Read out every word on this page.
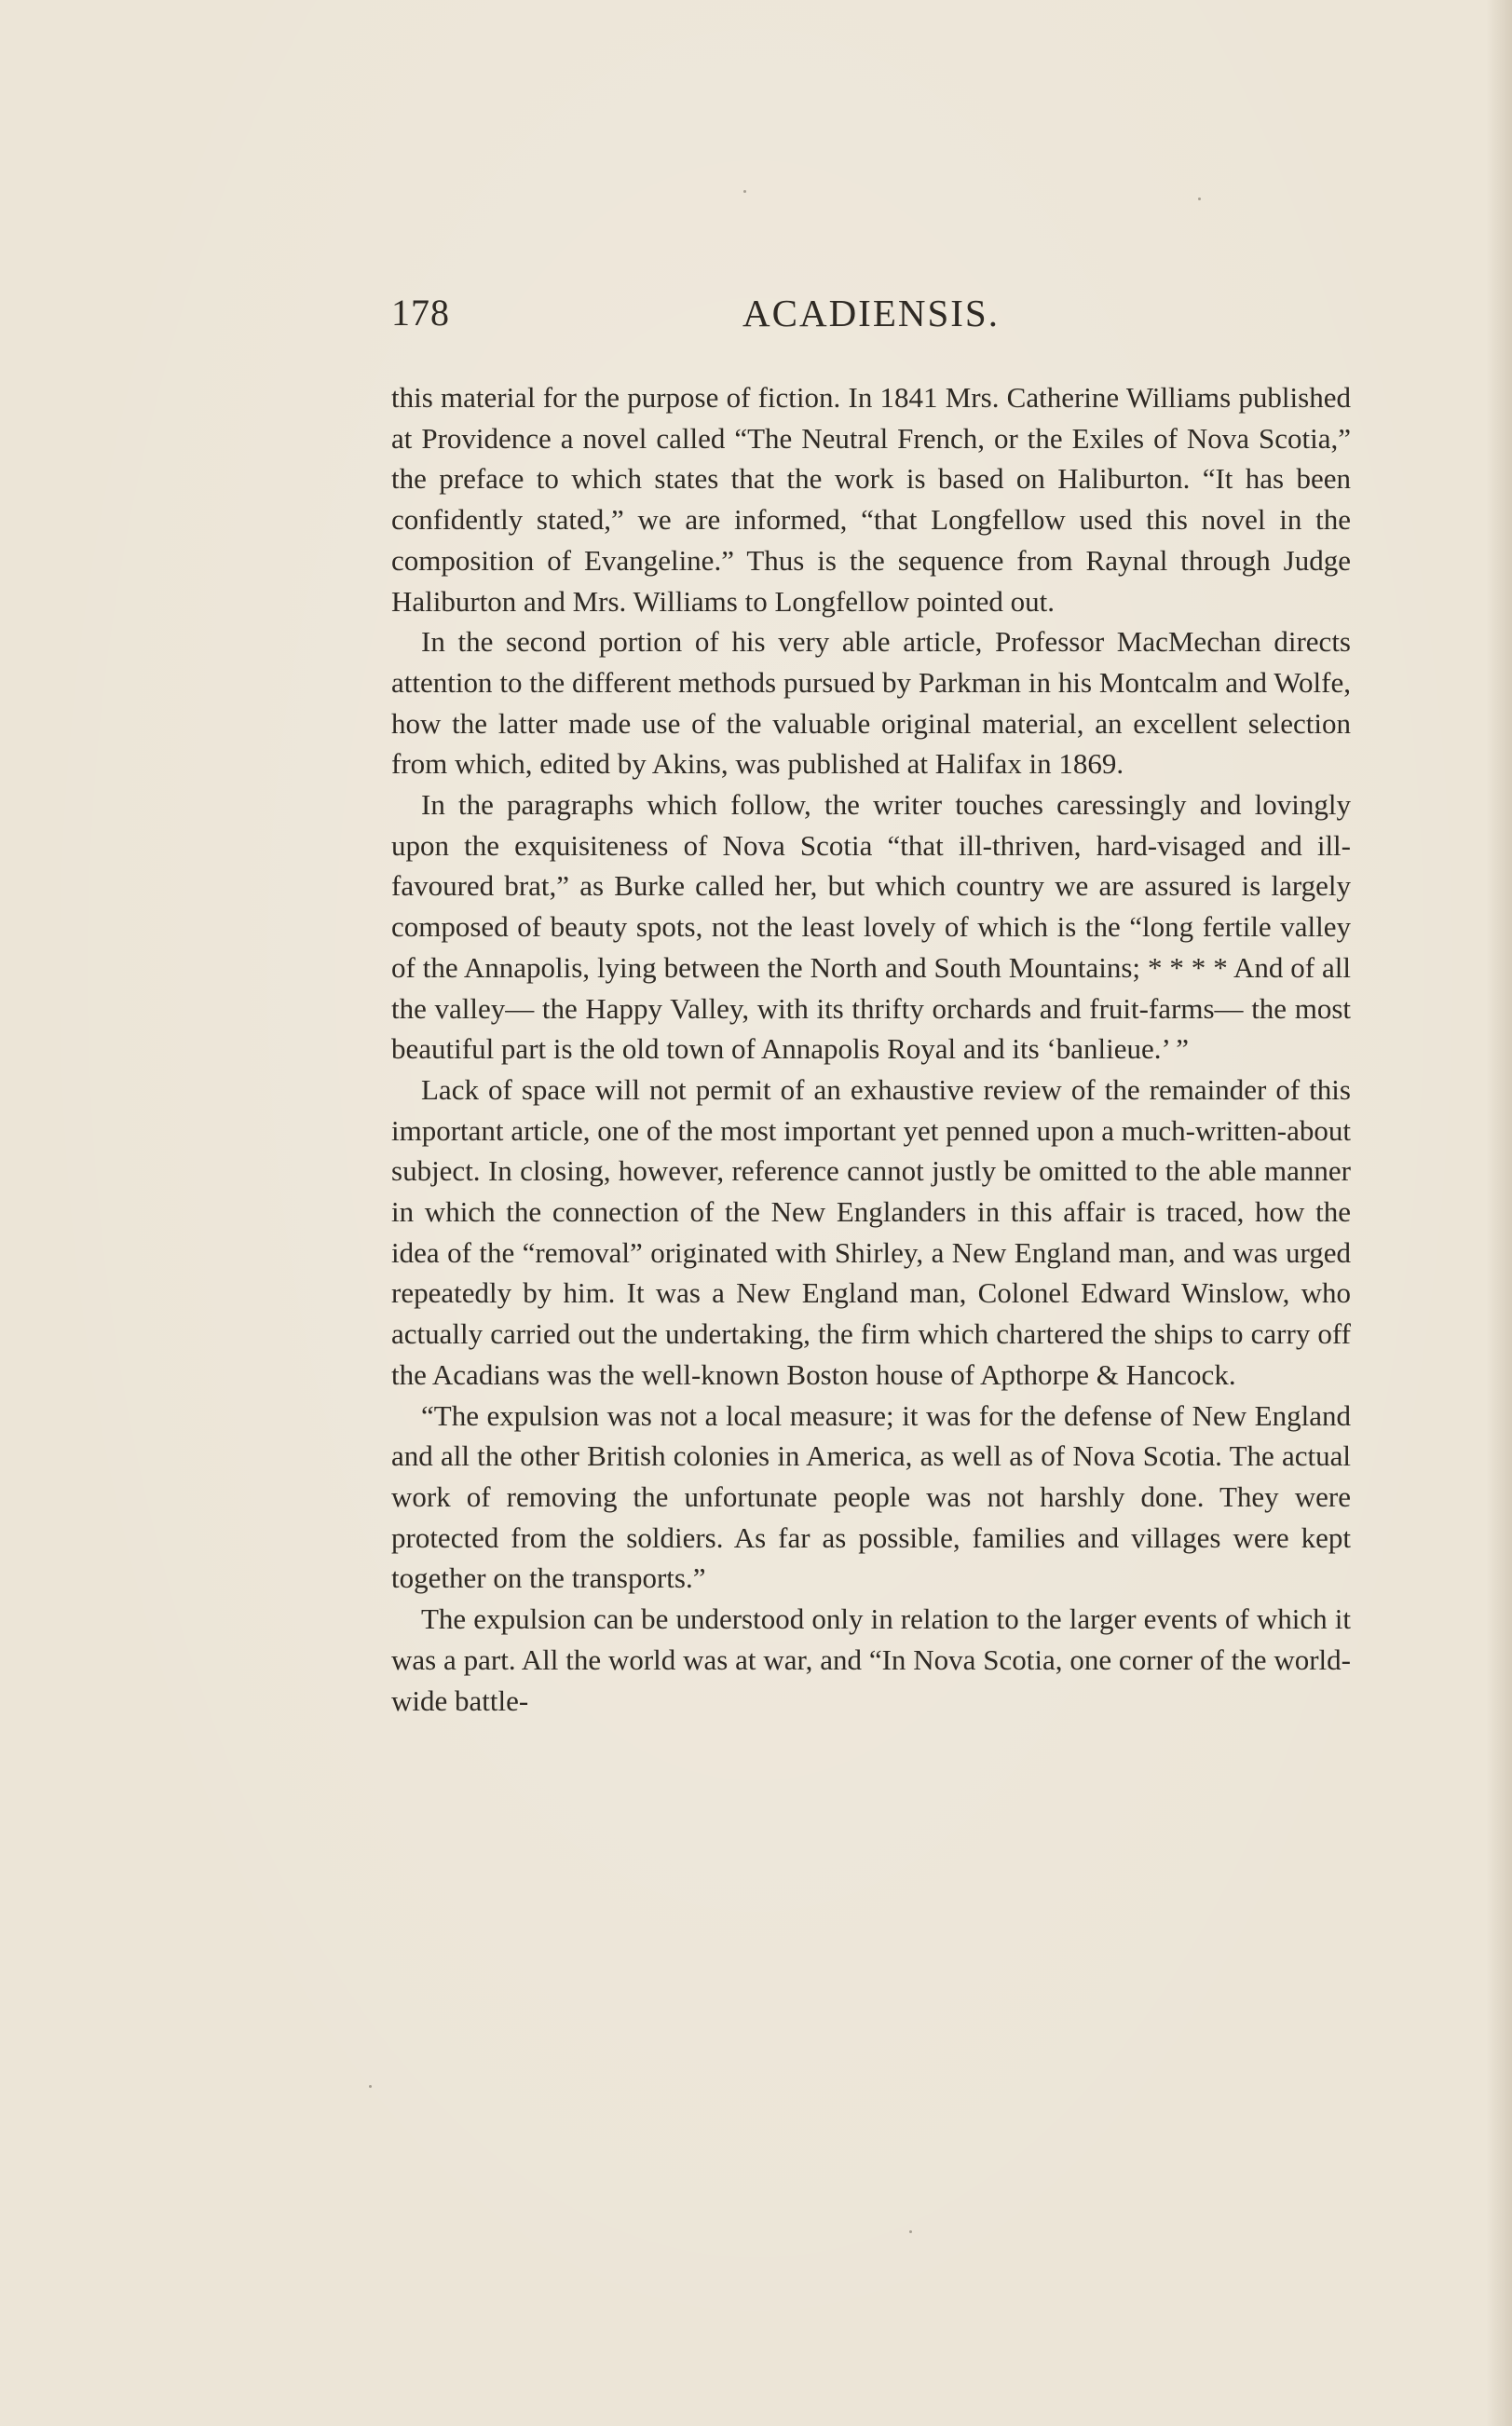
ACADIENSIS.
178

this material for the purpose of fiction. In 1841 Mrs. Catherine Williams published at Providence a novel called “The Neutral French, or the Exiles of Nova Scotia,” the preface to which states that the work is based on Haliburton. “It has been confidently stated,” we are informed, “that Longfellow used this novel in the composition of Evangeline.” Thus is the sequence from Raynal through Judge Haliburton and Mrs. Williams to Longfellow pointed out.

In the second portion of his very able article, Professor MacMechan directs attention to the different methods pursued by Parkman in his Montcalm and Wolfe, how the latter made use of the valuable original material, an excellent selection from which, edited by Akins, was published at Halifax in 1869.

In the paragraphs which follow, the writer touches caressingly and lovingly upon the exquisiteness of Nova Scotia “that ill-thriven, hard-visaged and ill-favoured brat,” as Burke called her, but which country we are assured is largely composed of beauty spots, not the least lovely of which is the “long fertile valley of the Annapolis, lying between the North and South Mountains; * * * * And of all the valley— the Happy Valley, with its thrifty orchards and fruit-farms— the most beautiful part is the old town of Annapolis Royal and its ‘banlieue.’ ”

Lack of space will not permit of an exhaustive review of the remainder of this important article, one of the most important yet penned upon a much-written-about subject. In closing, however, reference cannot justly be omitted to the able manner in which the connection of the New Englanders in this affair is traced, how the idea of the “removal” originated with Shirley, a New England man, and was urged repeatedly by him. It was a New England man, Colonel Edward Winslow, who actually carried out the undertaking, the firm which chartered the ships to carry off the Acadians was the well-known Boston house of Apthorpe & Hancock.

“The expulsion was not a local measure; it was for the defense of New England and all the other British colonies in America, as well as of Nova Scotia. The actual work of removing the unfortunate people was not harshly done. They were protected from the soldiers. As far as possible, families and villages were kept together on the transports.”

The expulsion can be understood only in relation to the larger events of which it was a part. All the world was at war, and “In Nova Scotia, one corner of the world-wide battle-
